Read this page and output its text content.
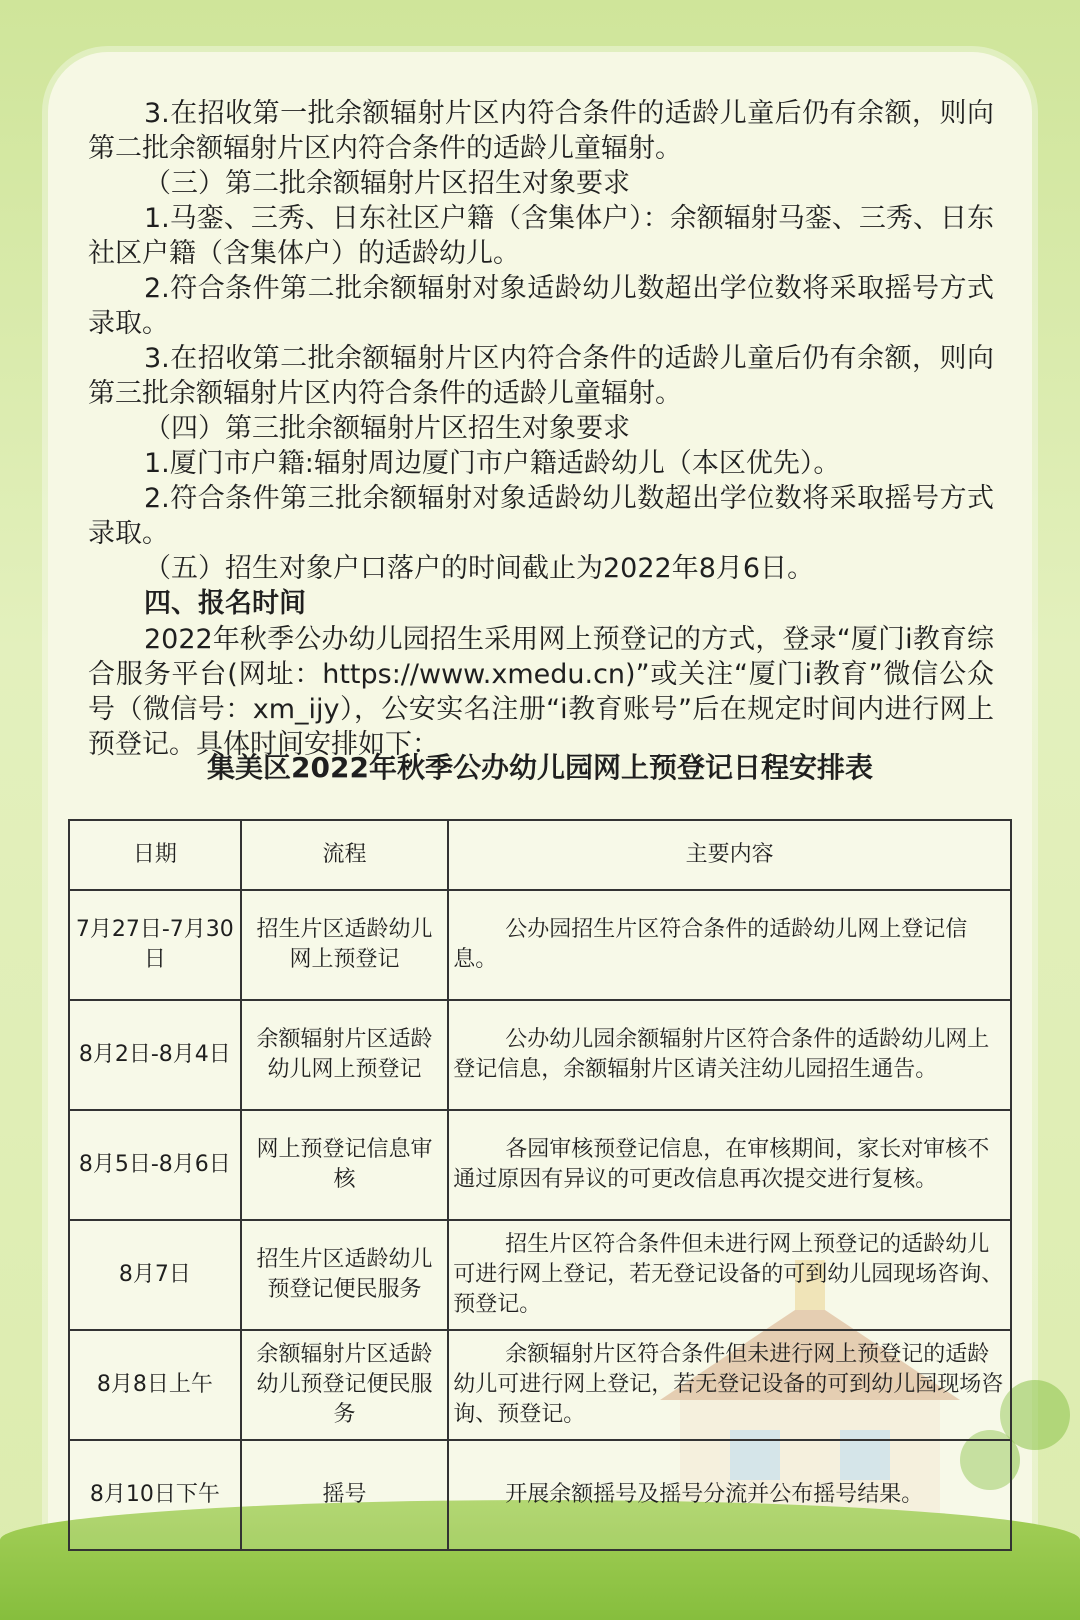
3.在招收第一批余额辐射片区内符合条件的适龄儿童后仍有余额，则向第二批余额辐射片区内符合条件的适龄儿童辐射。

（三）第二批余额辐射片区招生对象要求

1.马銮、三秀、日东社区户籍（含集体户）：余额辐射马銮、三秀、日东社区户籍（含集体户）的适龄幼儿。

2.符合条件第二批余额辐射对象适龄幼儿数超出学位数将采取摇号方式录取。

3.在招收第二批余额辐射片区内符合条件的适龄儿童后仍有余额，则向第三批余额辐射片区内符合条件的适龄儿童辐射。

（四）第三批余额辐射片区招生对象要求

1.厦门市户籍:辐射周边厦门市户籍适龄幼儿（本区优先）。

2.符合条件第三批余额辐射对象适龄幼儿数超出学位数将采取摇号方式录取。

（五）招生对象户口落户的时间截止为2022年8月6日。

四、报名时间

2022年秋季公办幼儿园招生采用网上预登记的方式，登录“厦门i教育综合服务平台(网址：https://www.xmedu.cn)”或关注“厦门i教育”微信公众号（微信号：xm_ijy），公安实名注册“i教育账号”后在规定时间内进行网上预登记。具体时间安排如下：

集美区2022年秋季公办幼儿园网上预登记日程安排表
日期	流程	主要内容
7月27日-7月30日	招生片区适龄幼儿网上预登记	公办园招生片区符合条件的适龄幼儿网上登记信息。
8月2日-8月4日	余额辐射片区适龄幼儿网上预登记	公办幼儿园余额辐射片区符合条件的适龄幼儿网上登记信息，余额辐射片区请关注幼儿园招生通告。
8月5日-8月6日	网上预登记信息审核	各园审核预登记信息，在审核期间，家长对审核不通过原因有异议的可更改信息再次提交进行复核。
8月7日	招生片区适龄幼儿预登记便民服务	招生片区符合条件但未进行网上预登记的适龄幼儿可进行网上登记，若无登记设备的可到幼儿园现场咨询、预登记。
8月8日上午	余额辐射片区适龄幼儿预登记便民服务	余额辐射片区符合条件但未进行网上预登记的适龄幼儿可进行网上登记，若无登记设备的可到幼儿园现场咨询、预登记。
8月10日下午	摇号	开展余额摇号及摇号分流并公布摇号结果。
